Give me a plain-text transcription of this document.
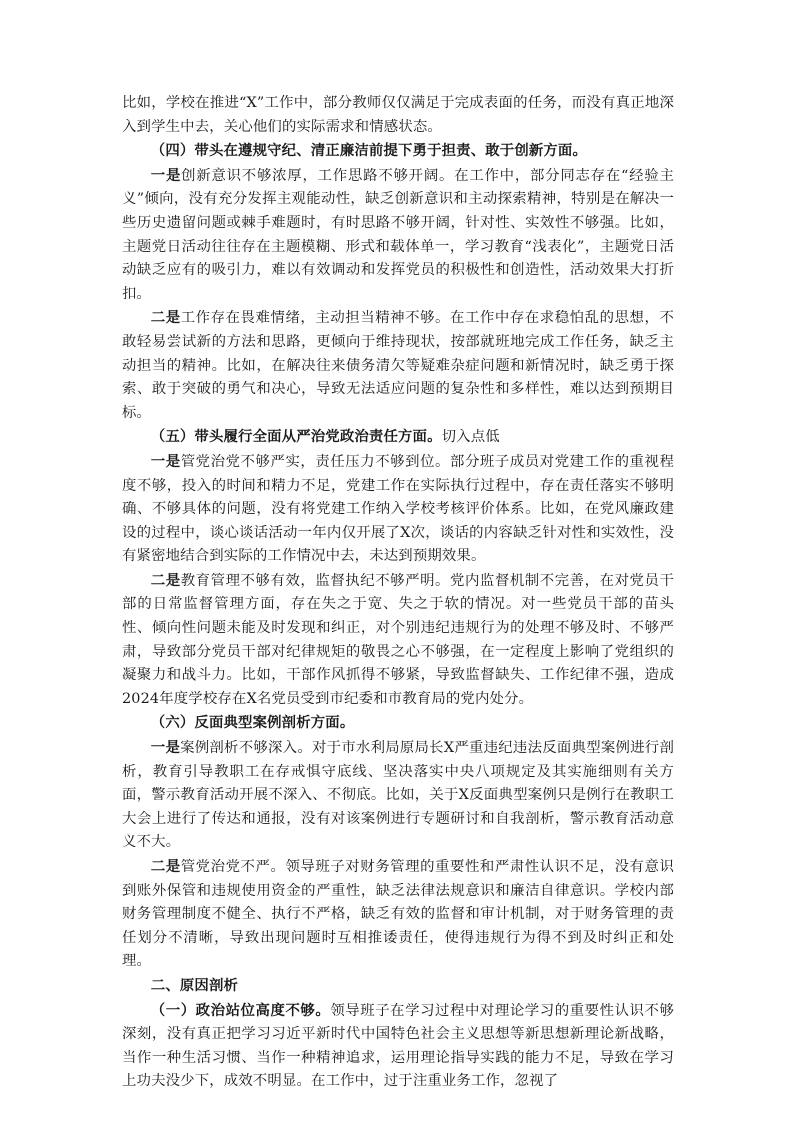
比如，学校在推进“X”工作中，部分教师仅仅满足于完成表面的任务，而没有真正地深入到学生中去，关心他们的实际需求和情感状态。

（四）带头在遵规守纪、清正廉洁前提下勇于担责、敢于创新方面。

一是创新意识不够浓厚，工作思路不够开阔。在工作中，部分同志存在“经验主义”倾向，没有充分发挥主观能动性，缺乏创新意识和主动探索精神，特别是在解决一些历史遗留问题或棘手难题时，有时思路不够开阔，针对性、实效性不够强。比如，主题党日活动往往存在主题模糊、形式和载体单一，学习教育“浅表化”，主题党日活动缺乏应有的吸引力，难以有效调动和发挥党员的积极性和创造性，活动效果大打折扣。

二是工作存在畏难情绪，主动担当精神不够。在工作中存在求稳怕乱的思想，不敢轻易尝试新的方法和思路，更倾向于维持现状，按部就班地完成工作任务，缺乏主动担当的精神。比如，在解决往来债务清欠等疑难杂症问题和新情况时，缺乏勇于探索、敢于突破的勇气和决心，导致无法适应问题的复杂性和多样性，难以达到预期目标。

（五）带头履行全面从严治党政治责任方面。切入点低

一是管党治党不够严实，责任压力不够到位。部分班子成员对党建工作的重视程度不够，投入的时间和精力不足，党建工作在实际执行过程中，存在责任落实不够明确、不够具体的问题，没有将党建工作纳入学校考核评价体系。比如，在党风廉政建设的过程中，谈心谈话活动一年内仅开展了X次，谈话的内容缺乏针对性和实效性，没有紧密地结合到实际的工作情况中去，未达到预期效果。

二是教育管理不够有效，监督执纪不够严明。党内监督机制不完善，在对党员干部的日常监督管理方面，存在失之于宽、失之于软的情况。对一些党员干部的苗头性、倾向性问题未能及时发现和纠正，对个别违纪违规行为的处理不够及时、不够严肃，导致部分党员干部对纪律规矩的敬畏之心不够强，在一定程度上影响了党组织的凝聚力和战斗力。比如，干部作风抓得不够紧，导致监督缺失、工作纪律不强，造成2024年度学校存在X名党员受到市纪委和市教育局的党内处分。

（六）反面典型案例剖析方面。

一是案例剖析不够深入。对于市水利局原局长X严重违纪违法反面典型案例进行剖析，教育引导教职工在存戒惧守底线、坚决落实中央八项规定及其实施细则有关方面，警示教育活动开展不深入、不彻底。比如，关于X反面典型案例只是例行在教职工大会上进行了传达和通报，没有对该案例进行专题研讨和自我剖析，警示教育活动意义不大。

二是管党治党不严。领导班子对财务管理的重要性和严肃性认识不足，没有意识到账外保管和违规使用资金的严重性，缺乏法律法规意识和廉洁自律意识。学校内部财务管理制度不健全、执行不严格，缺乏有效的监督和审计机制，对于财务管理的责任划分不清晰，导致出现问题时互相推诿责任，使得违规行为得不到及时纠正和处理。

二、原因剖析

（一）政治站位高度不够。领导班子在学习过程中对理论学习的重要性认识不够深刻，没有真正把学习习近平新时代中国特色社会主义思想等新思想新理论新战略，当作一种生活习惯、当作一种精神追求，运用理论指导实践的能力不足，导致在学习上功夫没少下，成效不明显。在工作中，过于注重业务工作，忽视了
